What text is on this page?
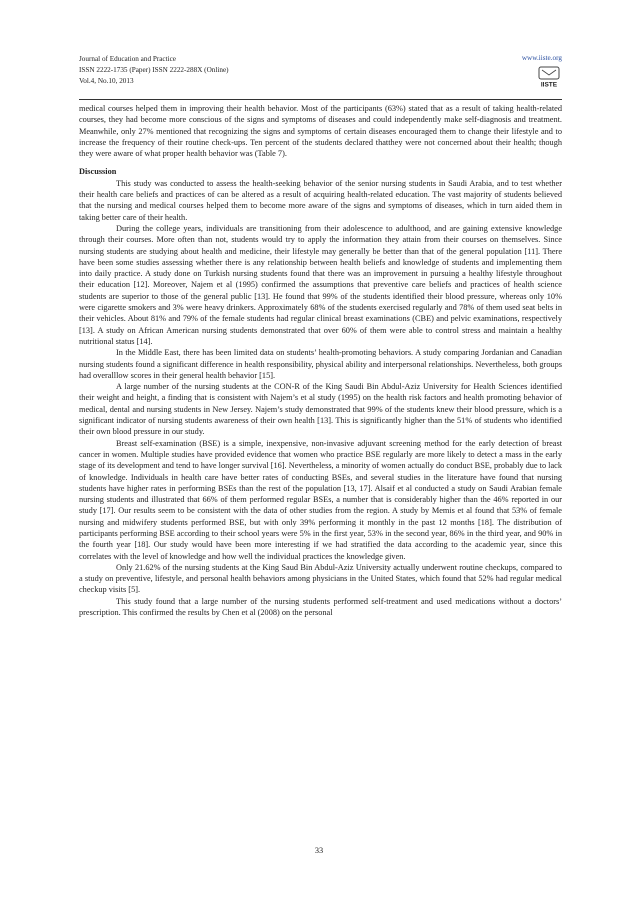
Journal of Education and Practice
ISSN 2222-1735 (Paper) ISSN 2222-288X (Online)
Vol.4, No.10, 2013
www.iiste.org
IISTE

medical courses helped them in improving their health behavior. Most of the participants (63%) stated that as a result of taking health-related courses, they had become more conscious of the signs and symptoms of diseases and could independently make self-diagnosis and treatment. Meanwhile, only 27% mentioned that recognizing the signs and symptoms of certain diseases encouraged them to change their lifestyle and to increase the frequency of their routine check-ups. Ten percent of the students declared thatthey were not concerned about their health; though they were aware of what proper health behavior was (Table 7).

Discussion

This study was conducted to assess the health-seeking behavior of the senior nursing students in Saudi Arabia, and to test whether their health care beliefs and practices of can be altered as a result of acquiring health-related education. The vast majority of students believed that the nursing and medical courses helped them to become more aware of the signs and symptoms of diseases, which in turn aided them in taking better care of their health.

During the college years, individuals are transitioning from their adolescence to adulthood, and are gaining extensive knowledge through their courses. More often than not, students would try to apply the information they attain from their courses on themselves. Since nursing students are studying about health and medicine, their lifestyle may generally be better than that of the general population [11]. There have been some studies assessing whether there is any relationship between health beliefs and knowledge of students and implementing them into daily practice. A study done on Turkish nursing students found that there was an improvement in pursuing a healthy lifestyle throughout their education [12]. Moreover, Najem et al (1995) confirmed the assumptions that preventive care beliefs and practices of health science students are superior to those of the general public [13]. He found that 99% of the students identified their blood pressure, whereas only 10% were cigarette smokers and 3% were heavy drinkers. Approximately 68% of the students exercised regularly and 78% of them used seat belts in their vehicles. About 81% and 79% of the female students had regular clinical breast examinations (CBE) and pelvic examinations, respectively [13]. A study on African American nursing students demonstrated that over 60% of them were able to control stress and maintain a healthy nutritional status [14].

In the Middle East, there has been limited data on students’ health-promoting behaviors. A study comparing Jordanian and Canadian nursing students found a significant difference in health responsibility, physical ability and interpersonal relationships. Nevertheless, both groups had overalllow scores in their general health behavior [15].

A large number of the nursing students at the CON-R of the King Saudi Bin Abdul-Aziz University for Health Sciences identified their weight and height, a finding that is consistent with Najem’s et al study (1995) on the health risk factors and health promoting behavior of medical, dental and nursing students in New Jersey. Najem’s study demonstrated that 99% of the students knew their blood pressure, which is a significant indicator of nursing students awareness of their own health [13]. This is significantly higher than the 51% of students who identified their own blood pressure in our study.

Breast self-examination (BSE) is a simple, inexpensive, non-invasive adjuvant screening method for the early detection of breast cancer in women. Multiple studies have provided evidence that women who practice BSE regularly are more likely to detect a mass in the early stage of its development and tend to have longer survival [16]. Nevertheless, a minority of women actually do conduct BSE, probably due to lack of knowledge. Individuals in health care have better rates of conducting BSEs, and several studies in the literature have found that nursing students have higher rates in performing BSEs than the rest of the population [13, 17]. Alsaif et al conducted a study on Saudi Arabian female nursing students and illustrated that 66% of them performed regular BSEs, a number that is considerably higher than the 46% reported in our study [17]. Our results seem to be consistent with the data of other studies from the region. A study by Memis et al found that 53% of female nursing and midwifery students performed BSE, but with only 39% performing it monthly in the past 12 months [18]. The distribution of participants performing BSE according to their school years were 5% in the first year, 53% in the second year, 86% in the third year, and 90% in the fourth year [18]. Our study would have been more interesting if we had stratified the data according to the academic year, since this correlates with the level of knowledge and how well the individual practices the knowledge given.

Only 21.62% of the nursing students at the King Saud Bin Abdul-Aziz University actually underwent routine checkups, compared to a study on preventive, lifestyle, and personal health behaviors among physicians in the United States, which found that 52% had regular medical checkup visits [5].

This study found that a large number of the nursing students performed self-treatment and used medications without a doctors’ prescription. This confirmed the results by Chen et al (2008) on the personal

33
